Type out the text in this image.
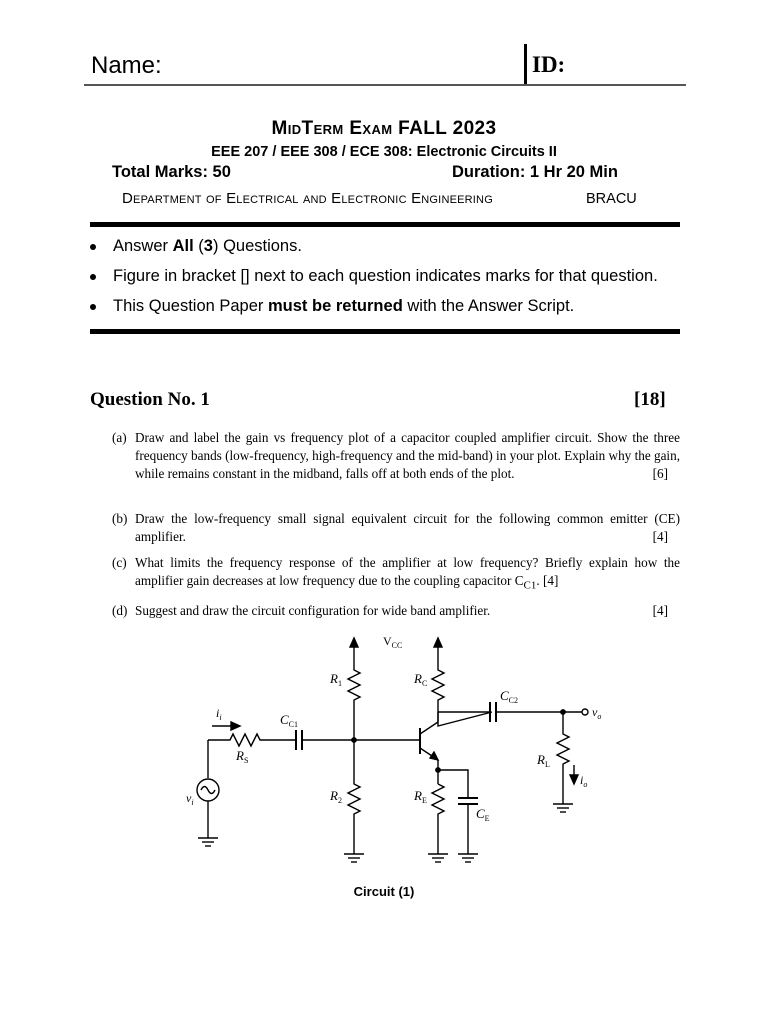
Name:	ID:
MidTerm Exam FALL 2023
EEE 207 / EEE 308 / ECE 308: Electronic Circuits II
Total Marks: 50	Duration: 1 Hr 20 Min
Department of Electrical and Electronic Engineering	BRACU
Answer All (3) Questions.
Figure in bracket [] next to each question indicates marks for that question.
This Question Paper must be returned with the Answer Script.
Question No. 1	[18]
(a) Draw and label the gain vs frequency plot of a capacitor coupled amplifier circuit. Show the three frequency bands (low-frequency, high-frequency and the mid-band) in your plot. Explain why the gain, while remains constant in the midband, falls off at both ends of the plot.	[6]
(b) Draw the low-frequency small signal equivalent circuit for the following common emitter (CE) amplifier.	[4]
(c) What limits the frequency response of the amplifier at low frequency? Briefly explain how the amplifier gain decreases at low frequency due to the coupling capacitor $C_{C1}$. [4]
(d) Suggest and draw the circuit configuration for wide band amplifier.	[4]
$V_{CC}$
$R_1$	$R_C$
$C_{C2}$
$v_o$
$R_L$
$i_o$
$i_i$
$R_S$
$C_{C1}$
$v_i$	$R_2$	$R_E$
$C_E$
Circuit (1)
